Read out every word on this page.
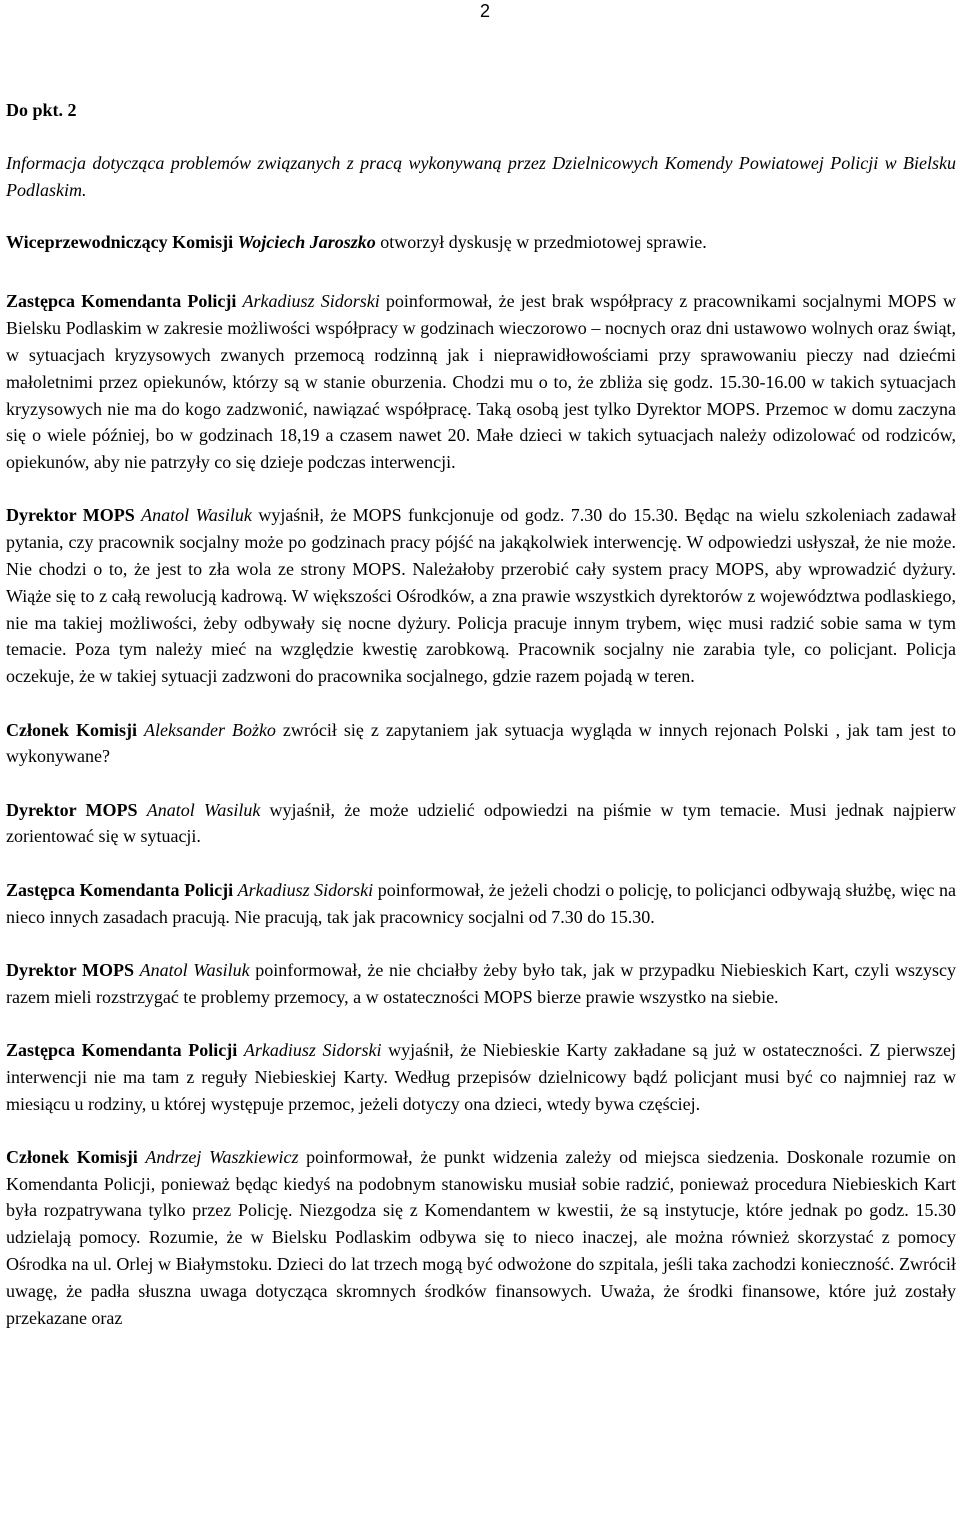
2

Do pkt. 2

Informacja dotycząca problemów związanych z pracą wykonywaną przez Dzielnicowych Komendy Powiatowej Policji w Bielsku Podlaskim.

Wiceprzewodniczący Komisji Wojciech Jaroszko otworzył dyskusję w przedmiotowej sprawie.

Zastępca Komendanta Policji Arkadiusz Sidorski poinformował, że jest brak współpracy z pracownikami socjalnymi MOPS w Bielsku Podlaskim w zakresie możliwości współpracy w godzinach wieczorowo – nocnych oraz dni ustawowo wolnych oraz świąt, w sytuacjach kryzysowych zwanych przemocą rodzinną jak i nieprawidłowościami przy sprawowaniu pieczy nad dziećmi małoletnimi przez opiekunów, którzy są w stanie oburzenia. Chodzi mu o to, że zbliża się godz. 15.30-16.00 w takich sytuacjach kryzysowych nie ma do kogo zadzwonić, nawiązać współpracę. Taką osobą jest tylko Dyrektor MOPS. Przemoc w domu zaczyna się o wiele później, bo w godzinach 18,19 a czasem nawet 20. Małe dzieci w takich sytuacjach należy odizolować od rodziców, opiekunów, aby nie patrzyły co się dzieje podczas interwencji.

Dyrektor MOPS Anatol Wasiluk wyjaśnił, że MOPS funkcjonuje od godz. 7.30 do 15.30. Będąc na wielu szkoleniach zadawał pytania, czy pracownik socjalny może po godzinach pracy pójść na jakąkolwiek interwencję. W odpowiedzi usłyszał, że nie może. Nie chodzi o to, że jest to zła wola ze strony MOPS. Należałoby przerobić cały system pracy MOPS, aby wprowadzić dyżury. Wiąże się to z całą rewolucją kadrową. W większości Ośrodków, a zna prawie wszystkich dyrektorów z województwa podlaskiego, nie ma takiej możliwości, żeby odbywały się nocne dyżury. Policja pracuje innym trybem, więc musi radzić sobie sama w tym temacie. Poza tym należy mieć na względzie kwestię zarobkową. Pracownik socjalny nie zarabia tyle, co policjant. Policja oczekuje, że w takiej sytuacji zadzwoni do pracownika socjalnego, gdzie razem pojadą w teren.

Członek Komisji Aleksander Bożko zwrócił się z zapytaniem jak sytuacja wygląda w innych rejonach Polski , jak tam jest to wykonywane?

Dyrektor MOPS Anatol Wasiluk wyjaśnił, że może udzielić odpowiedzi na piśmie w tym temacie. Musi jednak najpierw zorientować się w sytuacji.

Zastępca Komendanta Policji Arkadiusz Sidorski poinformował, że jeżeli chodzi o policję, to policjanci odbywają służbę, więc na nieco innych zasadach pracują. Nie pracują, tak jak pracownicy socjalni od 7.30 do 15.30.

Dyrektor MOPS Anatol Wasiluk poinformował, że nie chciałby żeby było tak, jak w przypadku Niebieskich Kart, czyli wszyscy razem mieli rozstrzygać te problemy przemocy, a w ostateczności MOPS bierze prawie wszystko na siebie.

Zastępca Komendanta Policji Arkadiusz Sidorski wyjaśnił, że Niebieskie Karty zakładane są już w ostateczności. Z pierwszej interwencji nie ma tam z reguły Niebieskiej Karty. Według przepisów dzielnicowy bądź policjant musi być co najmniej raz w miesiącu u rodziny, u której występuje przemoc, jeżeli dotyczy ona dzieci, wtedy bywa częściej.

Członek Komisji Andrzej Waszkiewicz poinformował, że punkt widzenia zależy od miejsca siedzenia. Doskonale rozumie on Komendanta Policji, ponieważ będąc kiedyś na podobnym stanowisku musiał sobie radzić, ponieważ procedura Niebieskich Kart była rozpatrywana tylko przez Policję. Niezgodza się z Komendantem w kwestii, że są instytucje, które jednak po godz. 15.30 udzielają pomocy. Rozumie, że w Bielsku Podlaskim odbywa się to nieco inaczej, ale można również skorzystać z pomocy Ośrodka na ul. Orlej w Białymstoku. Dzieci do lat trzech mogą być odwożone do szpitala, jeśli taka zachodzi konieczność. Zwrócił uwagę, że padła słuszna uwaga dotycząca skromnych środków finansowych. Uważa, że środki finansowe, które już zostały przekazane oraz
